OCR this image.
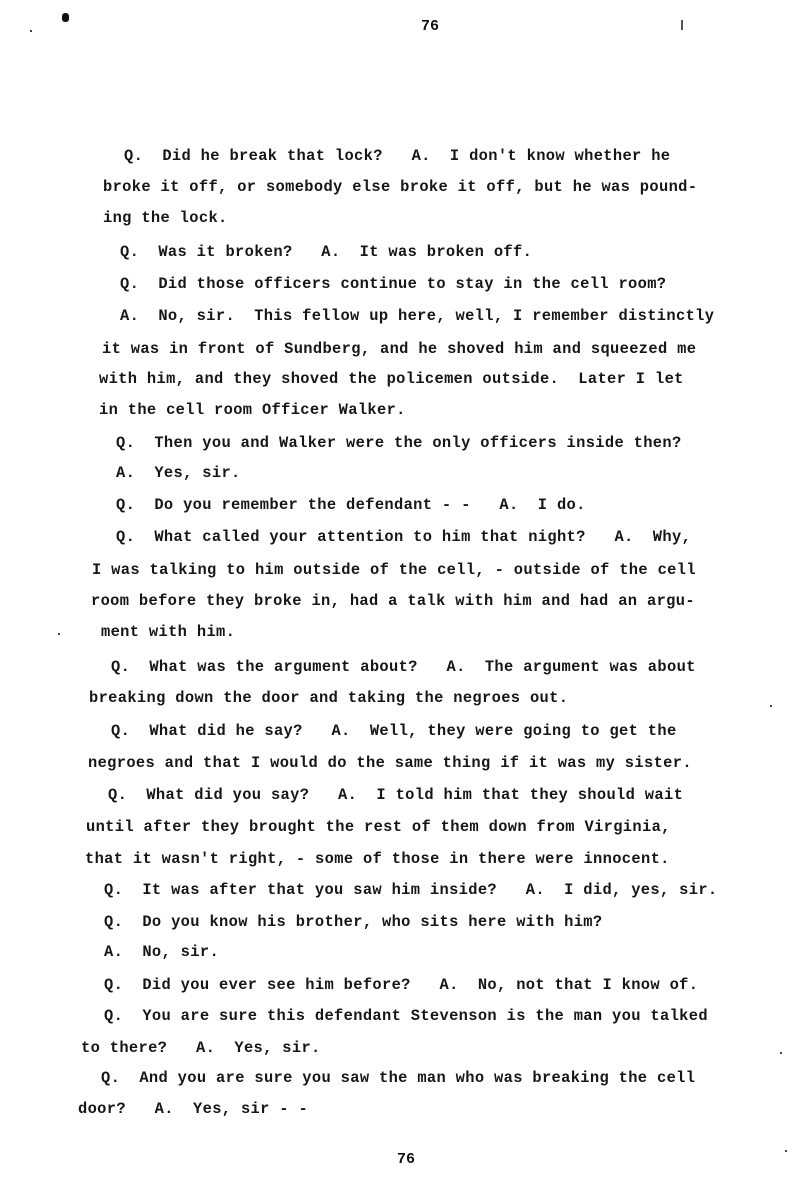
76
Q.  Did he break that lock?   A.  I don't know whether he
broke it off, or somebody else broke it off, but he was pound-
ing the lock.
Q.  Was it broken?   A.  It was broken off.
Q.  Did those officers continue to stay in the cell room?
A.  No, sir.  This fellow up here, well, I remember distinctly
it was in front of Sundberg, and he shoved him and squeezed me
with him, and they shoved the policemen outside.  Later I let
in the cell room Officer Walker.
Q.  Then you and Walker were the only officers inside then?
A.  Yes, sir.
Q.  Do you remember the defendant - -   A.  I do.
Q.  What called your attention to him that night?   A.  Why,
I was talking to him outside of the cell, - outside of the cell
room before they broke in, had a talk with him and had an argu-
ment with him.
Q.  What was the argument about?   A.  The argument was about
breaking down the door and taking the negroes out.
Q.  What did he say?   A.  Well, they were going to get the
negroes and that I would do the same thing if it was my sister.
Q.  What did you say?   A.  I told him that they should wait
until after they brought the rest of them down from Virginia,
that it wasn't right, - some of those in there were innocent.
Q.  It was after that you saw him inside?   A.  I did, yes, sir.
Q.  Do you know his brother, who sits here with him?
A.  No, sir.
Q.  Did you ever see him before?   A.  No, not that I know of.
Q.  You are sure this defendant Stevenson is the man you talked
to there?   A.  Yes, sir.
Q.  And you are sure you saw the man who was breaking the cell
door?   A.  Yes, sir - -
76
